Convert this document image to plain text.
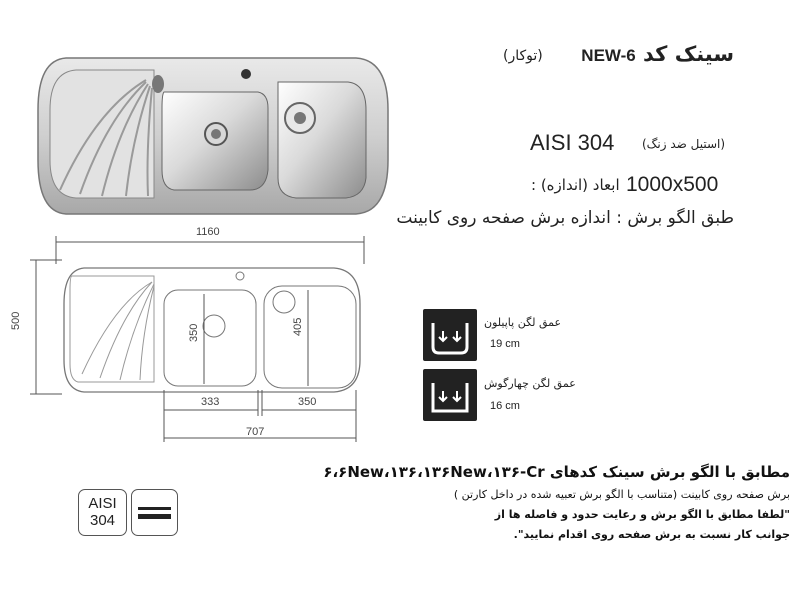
سینک کد NEW-6
(توکار)
AISI 304 (استیل ضد زنگ)
1000x500
ابعاد (اندازه) :
طبق الگو برش : اندازه برش صفحه روی کابینت
1160
500
350	405
333	350
707
عمق لگن پاپیلون
19 cm
عمق لگن چهارگوش
16 cm
مطابق با الگو برش سینک کدهای ۶،۶New،۱۳۶،۱۳۶New،۱۳۶-Cr
برش صفحه روی کابینت (متناسب با الگو برش تعبیه شده در داخل کارتن )
"لطفا مطابق با الگو برش و رعایت حدود و فاصله ها از
جوانب کار نسبت به برش صفحه روی اقدام نمایید".
AISI
304
